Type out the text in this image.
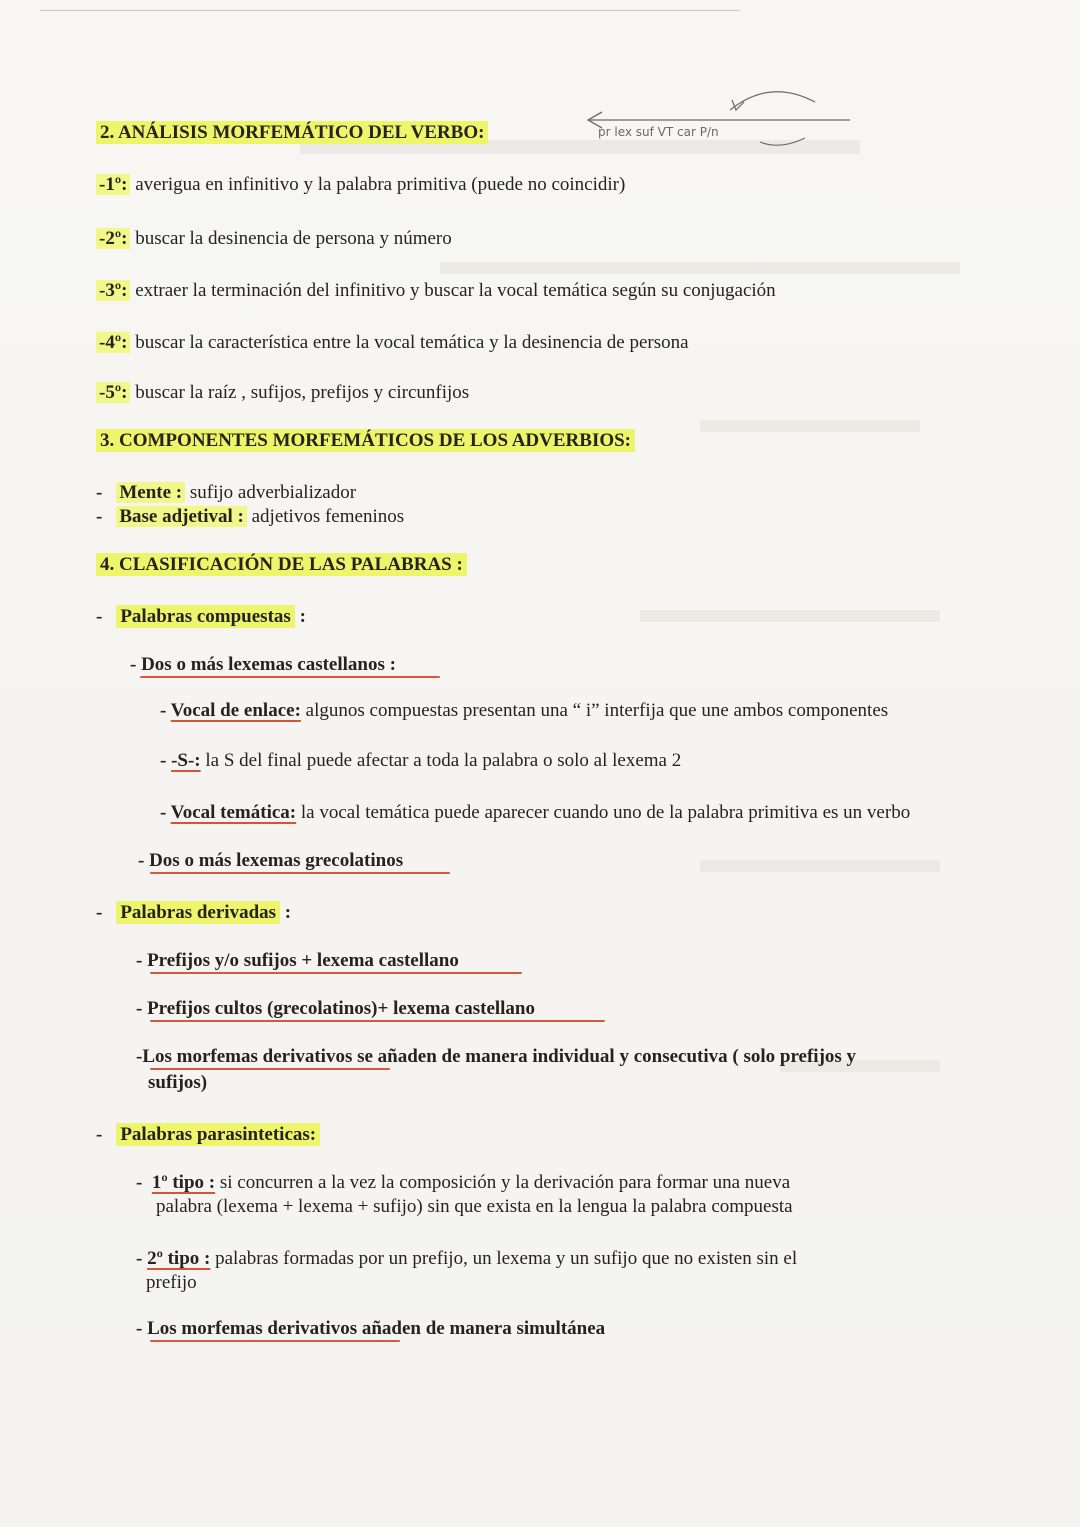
pr lex suf VT car P/n
2. ANÁLISIS MORFEMÁTICO DEL VERBO:
-1º: averigua en infinitivo y la palabra primitiva (puede no coincidir)
-2º: buscar la desinencia de persona y número
-3º: extraer la terminación del infinitivo y buscar la vocal temática según su conjugación
-4º: buscar la característica entre la vocal temática y la desinencia de persona
-5º: buscar la raíz , sufijos, prefijos y circunfijos
3. COMPONENTES MORFEMÁTICOS DE LOS ADVERBIOS:
- Mente : sufijo adverbializador
- Base adjetival : adjetivos femeninos
4. CLASIFICACIÓN DE LAS PALABRAS :
- Palabras compuestas :
- Dos o más lexemas castellanos :
- Vocal de enlace: algunos compuestas presentan una “ i” interfija que une ambos componentes
- -S-: la S del final puede afectar a toda la palabra o solo al lexema 2
- Vocal temática: la vocal temática puede aparecer cuando uno de la palabra primitiva es un verbo
- Dos o más lexemas grecolatinos
- Palabras derivadas :
- Prefijos y/o sufijos + lexema castellano
- Prefijos cultos (grecolatinos)+ lexema castellano
-Los morfemas derivativos se añaden de manera individual y consecutiva ( solo prefijos y
sufijos)
- Palabras parasinteticas:
-  1º tipo : si concurren a la vez la composición y la derivación para formar una nueva
palabra (lexema + lexema + sufijo) sin que exista en la lengua la palabra compuesta
- 2º tipo : palabras formadas por un prefijo, un lexema y un sufijo que no existen sin el
prefijo
- Los morfemas derivativos añaden de manera simultánea
